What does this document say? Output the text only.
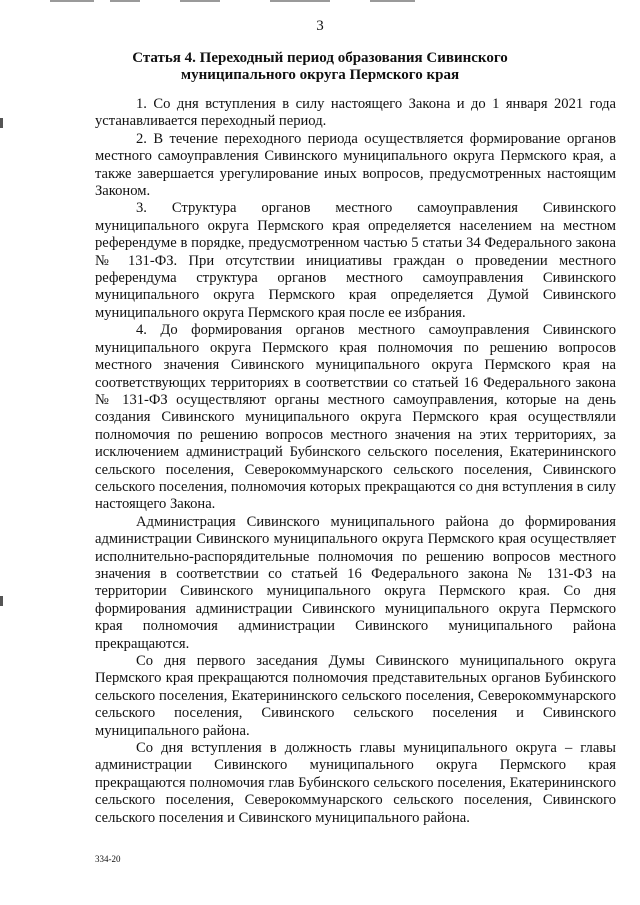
3
Статья 4. Переходный период образования Сивинского
муниципального округа Пермского края

1. Со дня вступления в силу настоящего Закона и до 1 января 2021 года устанавливается переходный период.

2. В течение переходного периода осуществляется формирование органов местного самоуправления Сивинского муниципального округа Пермского края, а также завершается урегулирование иных вопросов, предусмотренных настоящим Законом.

3. Структура органов местного самоуправления Сивинского муниципального округа Пермского края определяется населением на местном референдуме в порядке, предусмотренном частью 5 статьи 34 Федерального закона № 131-ФЗ. При отсутствии инициативы граждан о проведении местного референдума структура органов местного самоуправления Сивинского муниципального округа Пермского края определяется Думой Сивинского муниципального округа Пермского края после ее избрания.

4. До формирования органов местного самоуправления Сивинского муниципального округа Пермского края полномочия по решению вопросов местного значения Сивинского муниципального округа Пермского края на соответствующих территориях в соответствии со статьей 16 Федерального закона № 131-ФЗ осуществляют органы местного самоуправления, которые на день создания Сивинского муниципального округа Пермского края осуществляли полномочия по решению вопросов местного значения на этих территориях, за исключением администраций Бубинского сельского поселения, Екатерининского сельского поселения, Северокоммунарского сельского поселения, Сивинского сельского поселения, полномочия которых прекращаются со дня вступления в силу настоящего Закона.

Администрация Сивинского муниципального района до формирования администрации Сивинского муниципального округа Пермского края осуществляет исполнительно-распорядительные полномочия по решению вопросов местного значения в соответствии со статьей 16 Федерального закона № 131-ФЗ на территории Сивинского муниципального округа Пермского края. Со дня формирования администрации Сивинского муниципального округа Пермского края полномочия администрации Сивинского муниципального района прекращаются.

Со дня первого заседания Думы Сивинского муниципального округа Пермского края прекращаются полномочия представительных органов Бубинского сельского поселения, Екатерининского сельского поселения, Северокоммунарского сельского поселения, Сивинского сельского поселения и Сивинского муниципального района.

Со дня вступления в должность главы муниципального округа – главы администрации Сивинского муниципального округа Пермского края прекращаются полномочия глав Бубинского сельского поселения, Екатерининского сельского поселения, Северокоммунарского сельского поселения, Сивинского сельского поселения и Сивинского муниципального района.

334-20
